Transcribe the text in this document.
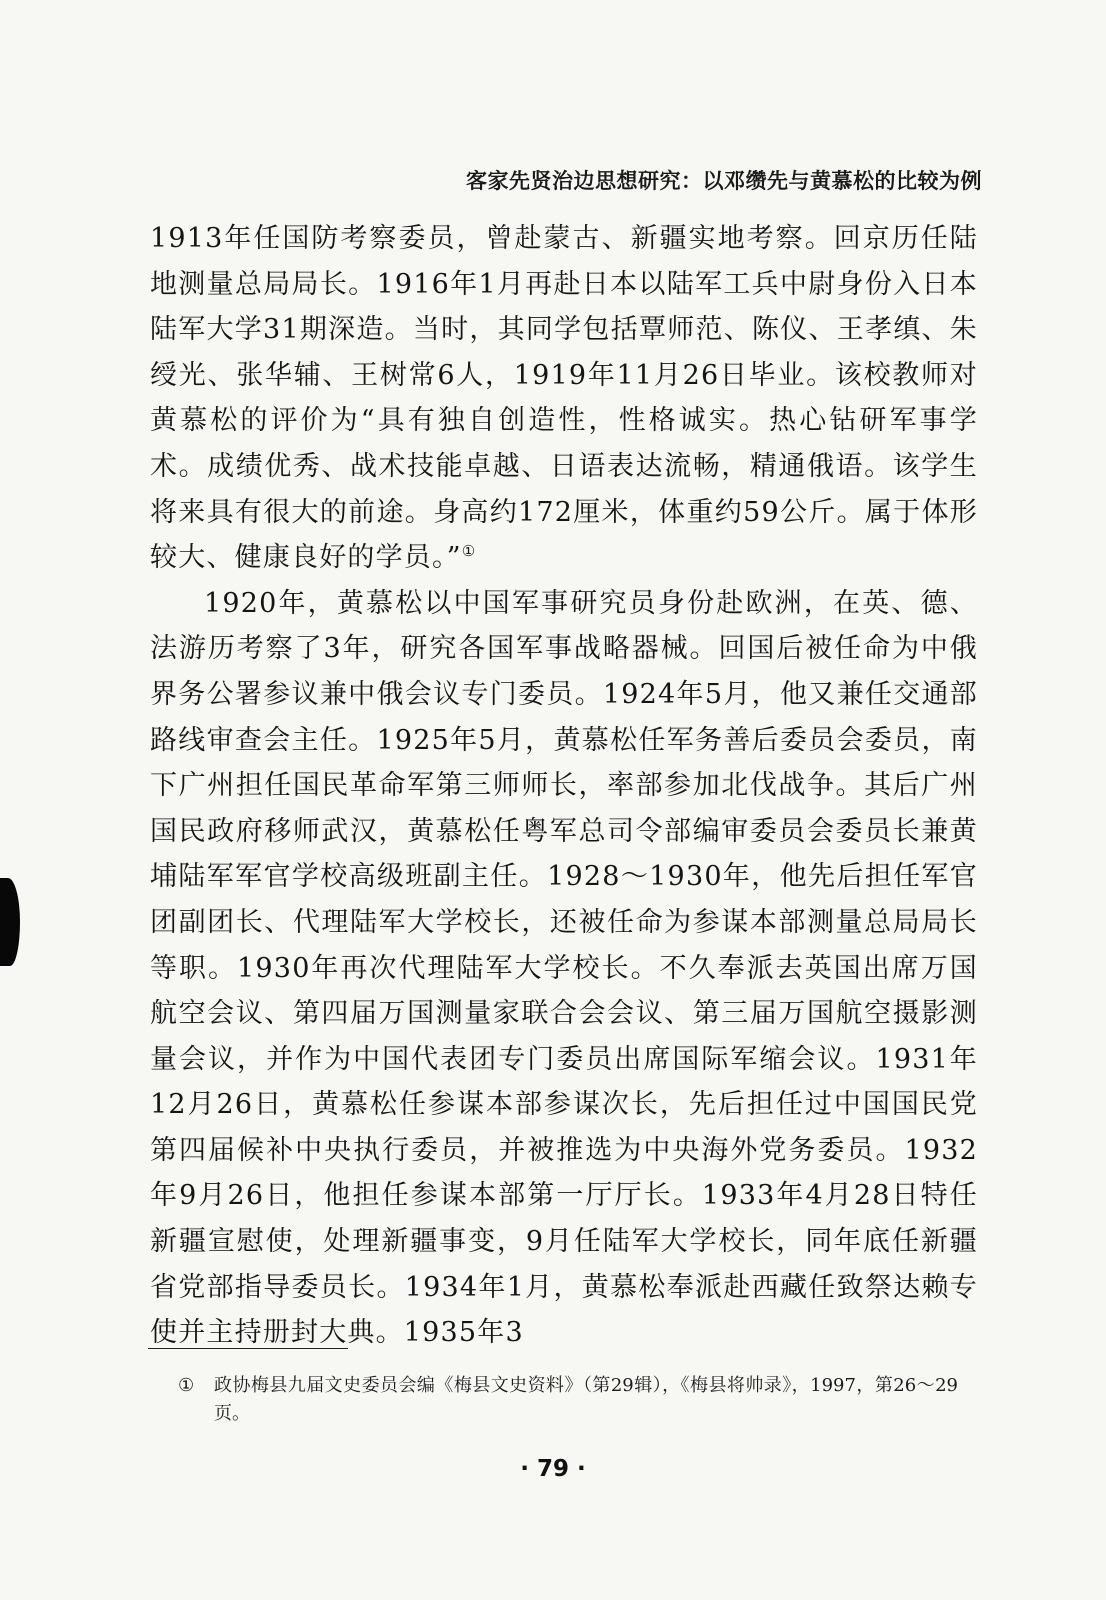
客家先贤治边思想研究：以邓缵先与黄慕松的比较为例

1913年任国防考察委员，曾赴蒙古、新疆实地考察。回京历任陆地测量总局局长。1916年1月再赴日本以陆军工兵中尉身份入日本陆军大学31期深造。当时，其同学包括覃师范、陈仪、王孝缜、朱绶光、张华辅、王树常6人，1919年11月26日毕业。该校教师对黄慕松的评价为“具有独自创造性，性格诚实。热心钻研军事学术。成绩优秀、战术技能卓越、日语表达流畅，精通俄语。该学生将来具有很大的前途。身高约172厘米，体重约59公斤。属于体形较大、健康良好的学员。”①

1920年，黄慕松以中国军事研究员身份赴欧洲，在英、德、法游历考察了3年，研究各国军事战略器械。回国后被任命为中俄界务公署参议兼中俄会议专门委员。1924年5月，他又兼任交通部路线审查会主任。1925年5月，黄慕松任军务善后委员会委员，南下广州担任国民革命军第三师师长，率部参加北伐战争。其后广州国民政府移师武汉，黄慕松任粤军总司令部编审委员会委员长兼黄埔陆军军官学校高级班副主任。1928～1930年，他先后担任军官团副团长、代理陆军大学校长，还被任命为参谋本部测量总局局长等职。1930年再次代理陆军大学校长。不久奉派去英国出席万国航空会议、第四届万国测量家联合会会议、第三届万国航空摄影测量会议，并作为中国代表团专门委员出席国际军缩会议。1931年12月26日，黄慕松任参谋本部参谋次长，先后担任过中国国民党第四届候补中央执行委员，并被推选为中央海外党务委员。1932年9月26日，他担任参谋本部第一厅厅长。1933年4月28日特任新疆宣慰使，处理新疆事变，9月任陆军大学校长，同年底任新疆省党部指导委员长。1934年1月，黄慕松奉派赴西藏任致祭达赖专使并主持册封大典。1935年3

①	政协梅县九届文史委员会编《梅县文史资料》（第29辑），《梅县将帅录》，1997，第26～29页。
· 79 ·
